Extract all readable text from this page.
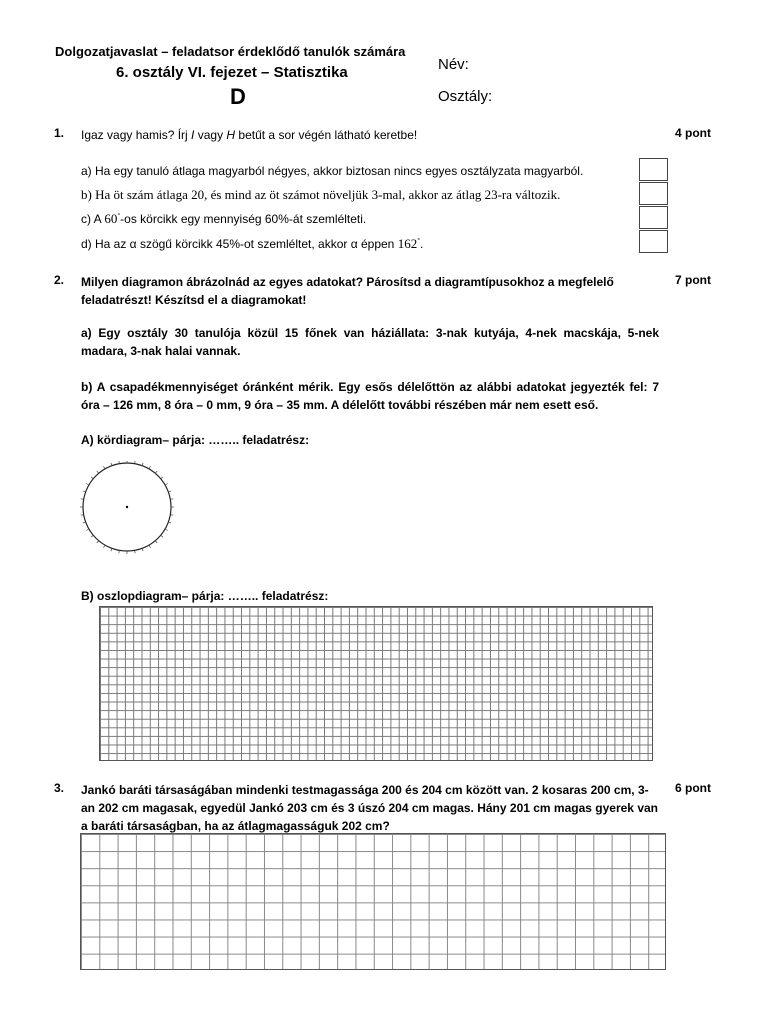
Dolgozatjavaslat – feladatsor érdeklődő tanulók számára
6. osztály VI. fejezet – Statisztika
D
Név:
Osztály:
1. Igaz vagy hamis? Írj I vagy H betűt a sor végén látható keretbe!	4 pont
a) Ha egy tanuló átlaga magyarból négyes, akkor biztosan nincs egyes osztályzata magyarból.
b) Ha öt szám átlaga 20, és mind az öt számot növeljük 3-mal, akkor az átlag 23-ra változik.
c) A 60°-os körcikk egy mennyiség 60%-át szemlélteti.
d) Ha az α szögű körcikk 45%-ot szemléltet, akkor α éppen 162°.
2. Milyen diagramon ábrázolnád az egyes adatokat? Párosítsd a diagramtípusokhoz a megfelelő
feladatrészt! Készítsd el a diagramokat!
7 pont
a) Egy osztály 30 tanulója közül 15 főnek van háziállata: 3-nak kutyája, 4-nek macskája, 5-nek madara, 3-nak halai vannak.
b) A csapadékmennyiséget óránként mérik. Egy esős délelőttön az alábbi adatokat jegyezték fel: 7 óra – 126 mm, 8 óra – 0 mm, 9 óra – 35 mm. A délelőtt további részében már nem esett eső.
A) kördiagram– párja: …….. feladatrész:
B) oszlopdiagram– párja: …….. feladatrész:
3. Jankó baráti társaságában mindenki testmagassága 200 és 204 cm között van. 2 kosaras 200 cm, 3-
an 202 cm magasak, egyedül Jankó 203 cm és 3 úszó 204 cm magas. Hány 201 cm magas gyerek van
a baráti társaságban, ha az átlagmagasságuk 202 cm?
6 pont
